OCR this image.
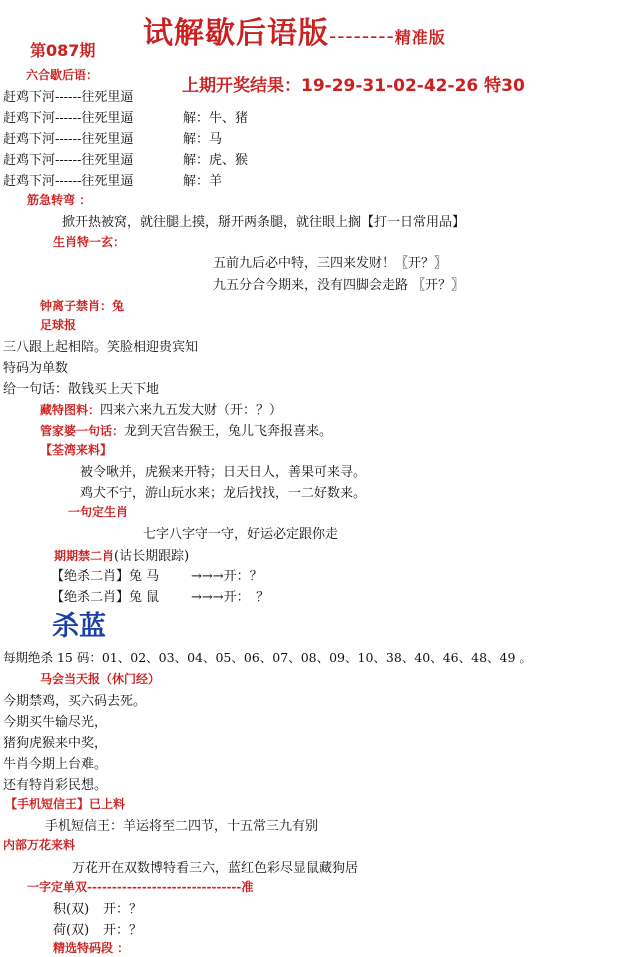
试解歇后语版--------精准版
第087期
上期开奖结果：19-29-31-02-42-26 特30
六合歇后语：
赶鸡下河------往死里逼
赶鸡下河------往死里逼	解：牛、猪
赶鸡下河------往死里逼	解：马
赶鸡下河------往死里逼	解：虎、猴
赶鸡下河------往死里逼	解：羊
筋急转弯 ：
掀开热被窝，就往腿上摸，掰开两条腿，就往眼上搁【打一日常用品】
生肖特一玄：
五前九后必中特，三四来发财！〖开？〗
九五分合今期来，没有四脚会走路 〖开？〗
钟离子禁肖：兔
足球报
三八跟上起相陪。笑脸相迎贵宾知
特码为单数
给一句话：散钱买上天下地
藏特图料：四来六来九五发大财（开：？）
管家婆一句话：龙到天宫告猴王，兔儿飞奔报喜来。
【荃湾来料】
被令啾并，虎猴来开特；日天日人，善果可来寻。
鸡犬不宁，游山玩水来；龙后找找，一二好数来。
一句定生肖
七字八字守一守，好运必定跟你走
期期禁二肖(诂长期跟踪)
【绝杀二肖】兔 马 →→→开：？
【绝杀二肖】兔 鼠 →→→开：　？
杀蓝
每期绝杀 15 码：01、02、03、04、05、06、07、08、09、10、38、40、46、48、49 。
马会当天报（休门经）
今期禁鸡，买六码去死。
今期买牛输尽光，
猪狗虎猴来中奖，
牛肖今期上台难。
还有特肖彩民想。
【手机短信王】已上料
手机短信王：羊运将至二四节，十五常三九有别
内部万花来料
万花开在双数博特看三六，蓝红色彩尽显鼠藏狗居
一字定单双-------------------------------准
积(双) 开：？
荷(双) 开：？
精选特码段 ：
